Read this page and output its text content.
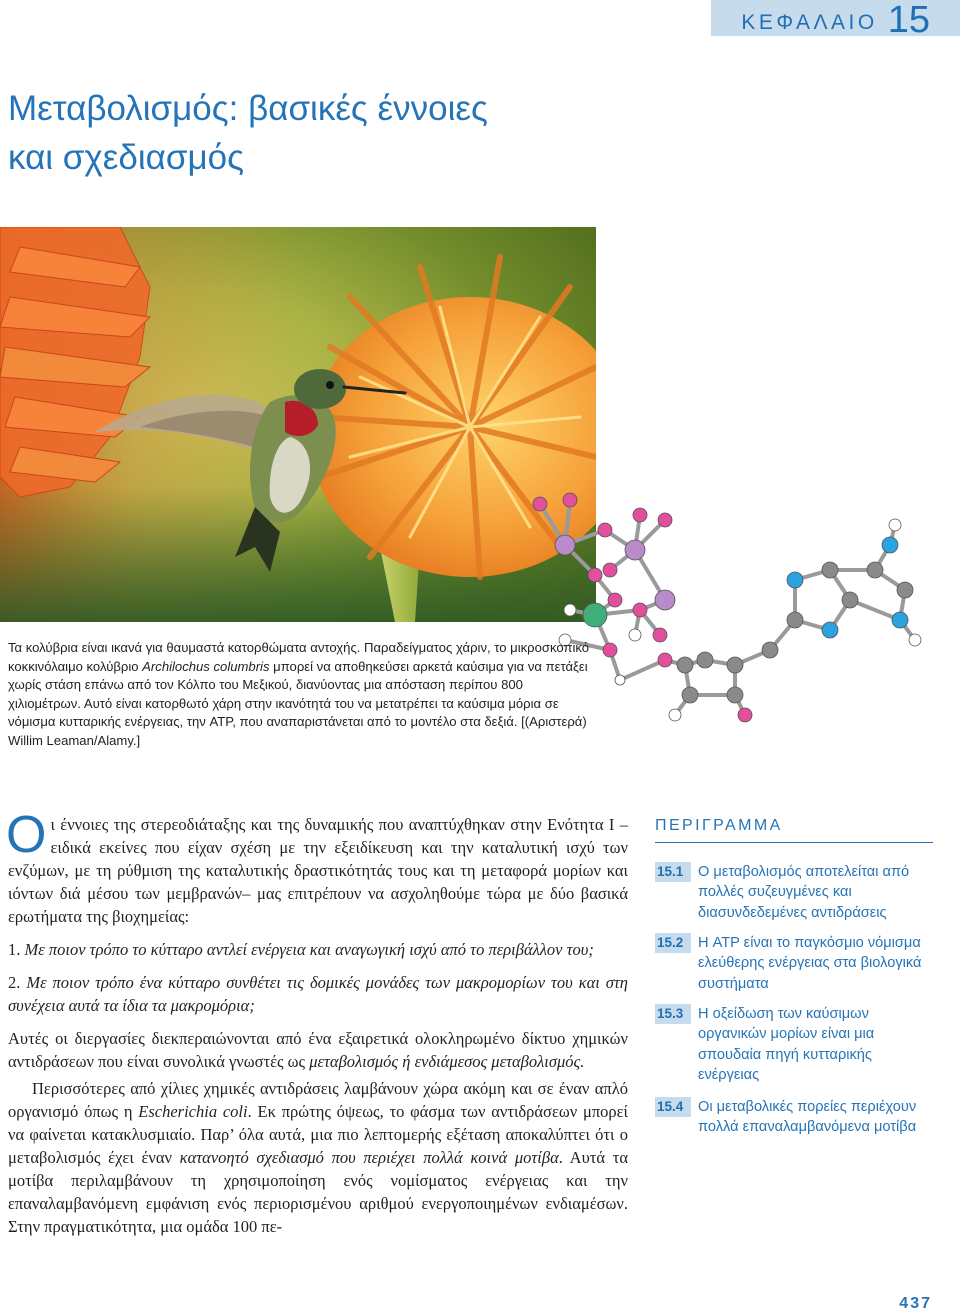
ΚΕΦΑΛΑΙΟ 15
Μεταβολισμός: βασικές έννοιες
και σχεδιασμός

Τα κολύβρια είναι ικανά για θαυμαστά κατορθώματα αντοχής. Παραδείγματος χάριν, το μικροσκοπικό κοκκινόλαιμο κολύβριο Archilochus columbris μπορεί να αποθηκεύσει αρκετά καύσιμα για να πετάξει χωρίς στάση επάνω από τον Κόλπο του Μεξικού, διανύοντας μια απόσταση περίπου 800 χιλιομέτρων. Αυτό είναι κατορθωτό χάρη στην ικανότητά του να μετατρέπει τα καύσιμα μόρια σε νόμισμα κυτταρικής ενέργειας, την ATP, που αναπαριστάνεται από το μοντέλο στα δεξιά. [(Αριστερά) Willim Leaman/Alamy.]

Οι έννοιες της στερεοδιάταξης και της δυναμικής που αναπτύχθηκαν στην Ενότητα Ι –ειδικά εκείνες που είχαν σχέση με την εξειδίκευση και την καταλυτική ισχύ των ενζύμων, με τη ρύθμιση της καταλυτικής δραστικότητάς τους και τη μεταφορά μορίων και ιόντων διά μέσου των μεμβρανών– μας επιτρέπουν να ασχοληθούμε τώρα με δύο βασικά ερωτήματα της βιοχημείας:

1. Με ποιον τρόπο το κύτταρο αντλεί ενέργεια και αναγωγική ισχύ από το περιβάλλον του;

2. Με ποιον τρόπο ένα κύτταρο συνθέτει τις δομικές μονάδες των μακρομορίων του και στη συνέχεια αυτά τα ίδια τα μακρομόρια;

Αυτές οι διεργασίες διεκπεραιώνονται από ένα εξαιρετικά ολοκληρωμένο δίκτυο χημικών αντιδράσεων που είναι συνολικά γνωστές ως μεταβολισμός ή ενδιάμεσος μεταβολισμός.

Περισσότερες από χίλιες χημικές αντιδράσεις λαμβάνουν χώρα ακόμη και σε έναν απλό οργανισμό όπως η Escherichia coli. Εκ πρώτης όψεως, το φάσμα των αντιδράσεων μπορεί να φαίνεται κατακλυσμιαίο. Παρ’ όλα αυτά, μια πιο λεπτομερής εξέταση αποκαλύπτει ότι ο μεταβολισμός έχει έναν κατανοητό σχεδιασμό που περιέχει πολλά κοινά μοτίβα. Αυτά τα μοτίβα περιλαμβάνουν τη χρησιμοποίηση ενός νομίσματος ενέργειας και την επαναλαμβανόμενη εμφάνιση ενός περιορισμένου αριθμού ενεργοποιημένων ενδιαμέσων. Στην πραγματικότητα, μια ομάδα 100 πε-

ΠΕΡΙΓΡΑΜΜΑ
15.1	Ο μεταβολισμός αποτελείται από πολλές συζευγμένες και διασυνδεδεμένες αντιδράσεις
15.2	Η ATP είναι το παγκόσμιο νόμισμα ελεύθερης ενέργειας στα βιολογικά συστήματα
15.3	Η οξείδωση των καύσιμων οργανικών μορίων είναι μια σπουδαία πηγή κυτταρικής ενέργειας
15.4	Οι μεταβολικές πορείες περιέχουν πολλά επαναλαμβανόμενα μοτίβα
437
